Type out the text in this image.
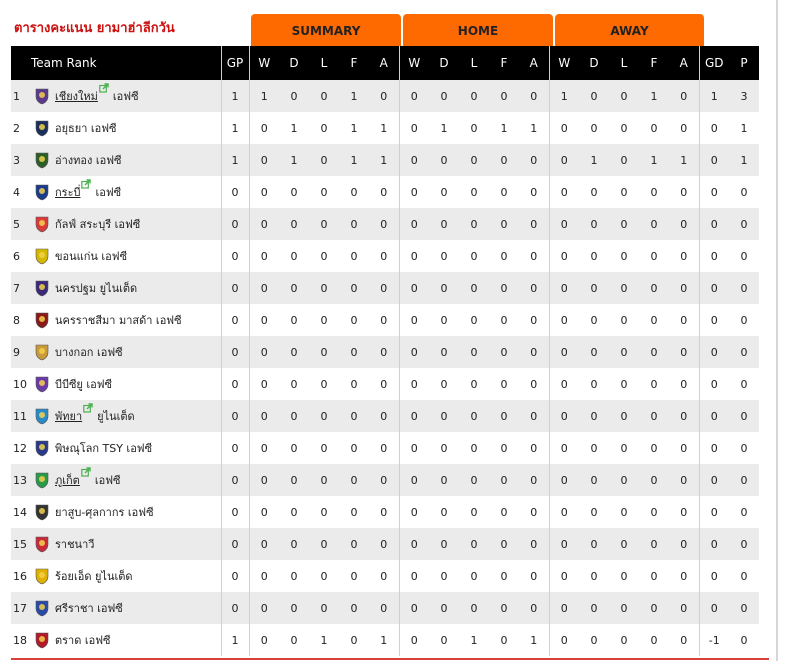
ตารางคะแนน ยามาฮ่าลีกวัน	SUMMARY	HOME	AWAY
Team Rank	GP	W	D	L	F	A	W	D	L	F	A	W	D	L	F	A	GD	P
1 เชียงใหม่ เอฟซี	1	1	0	0	1	0	0	0	0	0	0	1	0	0	1	0	1	3
2 อยุธยา เอฟซี	1	0	1	0	1	1	0	1	0	1	1	0	0	0	0	0	0	1
3 อ่างทอง เอฟซี	1	0	1	0	1	1	0	0	0	0	0	0	1	0	1	1	0	1
4 กระบี่ เอฟซี	0	0	0	0	0	0	0	0	0	0	0	0	0	0	0	0	0	0
5 กัลฟ์ สระบุรี เอฟซี	0	0	0	0	0	0	0	0	0	0	0	0	0	0	0	0	0	0
6 ขอนแก่น เอฟซี	0	0	0	0	0	0	0	0	0	0	0	0	0	0	0	0	0	0
7 นครปฐม ยูไนเต็ด	0	0	0	0	0	0	0	0	0	0	0	0	0	0	0	0	0	0
8 นครราชสีมา มาสด้า เอฟซี	0	0	0	0	0	0	0	0	0	0	0	0	0	0	0	0	0	0
9 บางกอก เอฟซี	0	0	0	0	0	0	0	0	0	0	0	0	0	0	0	0	0	0
10 บีบีซียู เอฟซี	0	0	0	0	0	0	0	0	0	0	0	0	0	0	0	0	0	0
11 พัทยา ยูไนเต็ด	0	0	0	0	0	0	0	0	0	0	0	0	0	0	0	0	0	0
12 พิษณุโลก TSY เอฟซี	0	0	0	0	0	0	0	0	0	0	0	0	0	0	0	0	0	0
13 ภูเก็ต เอฟซี	0	0	0	0	0	0	0	0	0	0	0	0	0	0	0	0	0	0
14 ยาสูบ-ศุลกากร เอฟซี	0	0	0	0	0	0	0	0	0	0	0	0	0	0	0	0	0	0
15 ราชนาวี	0	0	0	0	0	0	0	0	0	0	0	0	0	0	0	0	0	0
16 ร้อยเอ็ด ยูไนเต็ด	0	0	0	0	0	0	0	0	0	0	0	0	0	0	0	0	0	0
17 ศรีราชา เอฟซี	0	0	0	0	0	0	0	0	0	0	0	0	0	0	0	0	0	0
18 ตราด เอฟซี	1	0	0	1	0	1	0	0	1	0	1	0	0	0	0	0	-1	0
